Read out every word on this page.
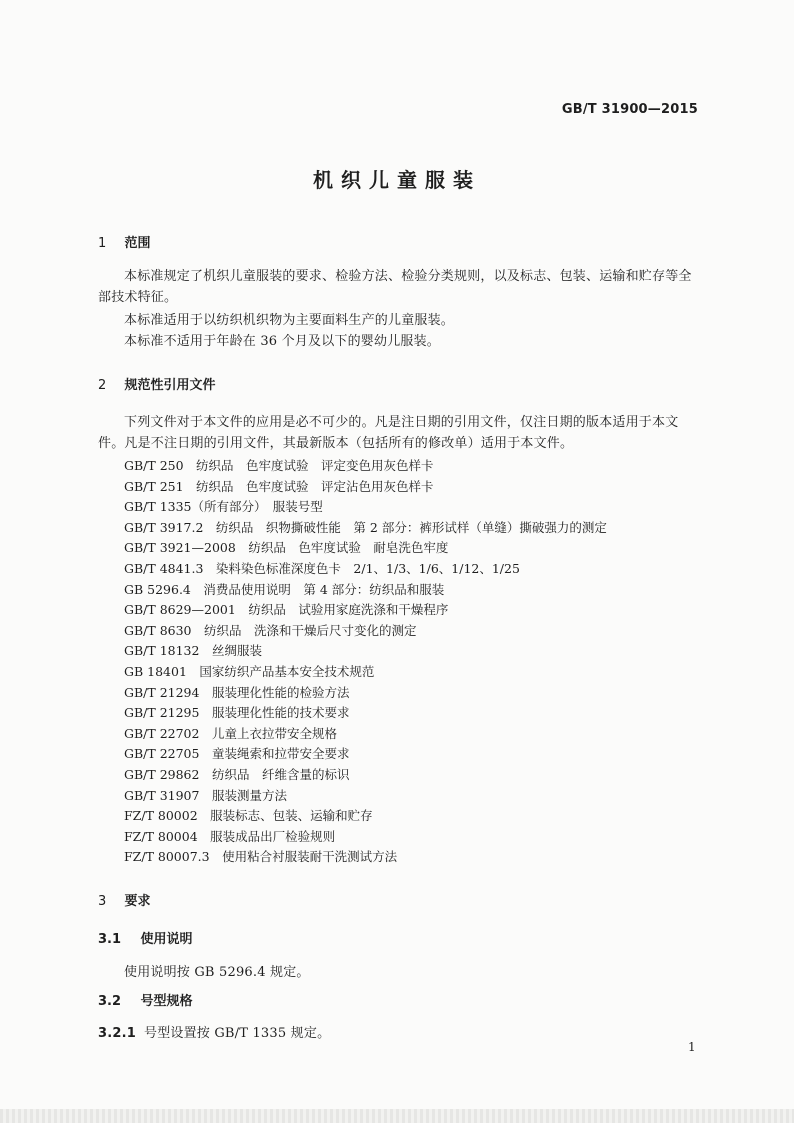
GB/T 31900—2015
机织儿童服装
1 范围
本标准规定了机织儿童服装的要求、检验方法、检验分类规则，以及标志、包装、运输和贮存等全部技术特征。
本标准适用于以纺织机织物为主要面料生产的儿童服装。
本标准不适用于年龄在 36 个月及以下的婴幼儿服装。
2 规范性引用文件
下列文件对于本文件的应用是必不可少的。凡是注日期的引用文件，仅注日期的版本适用于本文件。凡是不注日期的引用文件，其最新版本（包括所有的修改单）适用于本文件。
GB/T 250　纺织品　色牢度试验　评定变色用灰色样卡
GB/T 251　纺织品　色牢度试验　评定沾色用灰色样卡
GB/T 1335（所有部分）　服装号型
GB/T 3917.2　纺织品　织物撕破性能　第 2 部分：裤形试样（单缝）撕破强力的测定
GB/T 3921—2008　纺织品　色牢度试验　耐皂洗色牢度
GB/T 4841.3　染料染色标准深度色卡　2/1、1/3、1/6、1/12、1/25
GB 5296.4　消费品使用说明　第 4 部分：纺织品和服装
GB/T 8629—2001　纺织品　试验用家庭洗涤和干燥程序
GB/T 8630　纺织品　洗涤和干燥后尺寸变化的测定
GB/T 18132　丝绸服装
GB 18401　国家纺织产品基本安全技术规范
GB/T 21294　服装理化性能的检验方法
GB/T 21295　服装理化性能的技术要求
GB/T 22702　儿童上衣拉带安全规格
GB/T 22705　童装绳索和拉带安全要求
GB/T 29862　纺织品　纤维含量的标识
GB/T 31907　服装测量方法
FZ/T 80002　服装标志、包装、运输和贮存
FZ/T 80004　服装成品出厂检验规则
FZ/T 80007.3　使用粘合衬服装耐干洗测试方法
3 要求
3.1 使用说明
使用说明按 GB 5296.4 规定。
3.2 号型规格
3.2.1 号型设置按 GB/T 1335 规定。
1
